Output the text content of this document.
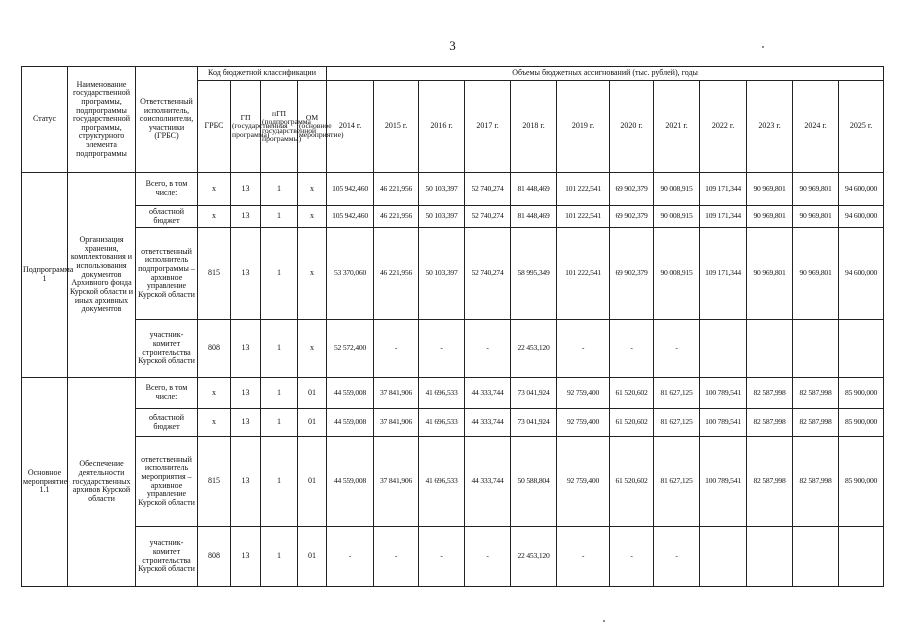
3
Статус	Наименование государственной программы, подпрограммы государственной программы, структурного элемента подпрограммы	Ответственный исполнитель, соисполнители, участники (ГРБС)	Код бюджетной классификации				Объемы бюджетных ассигнований (тыс. рублей), годы											
			ГРБС	ГП (государственная программа)	пГП (подпрограмма государственной программы)	ОМ (основное мероприятие)	2014 г.	2015 г.	2016 г.	2017 г.	2018 г.	2019 г.	2020 г.	2021 г.	2022 г.	2023 г.	2024 г.	2025 г.
Подпрограмма 1	Организация хранения, комплектования и использования документов Архивного фонда Курской области и иных архивных документов	Всего, в том числе:	х	13	1	х	105 942,460	46 221,956	50 103,397	52 740,274	81 448,469	101 222,541	69 902,379	90 008,915	109 171,344	90 969,801	90 969,801	94 600,000
		областной бюджет	х	13	1	х	105 942,460	46 221,956	50 103,397	52 740,274	81 448,469	101 222,541	69 902,379	90 008,915	109 171,344	90 969,801	90 969,801	94 600,000
		ответственный исполнитель подпрограммы – архивное управление Курской области	815	13	1	х	53 370,060	46 221,956	50 103,397	52 740,274	58 995,349	101 222,541	69 902,379	90 008,915	109 171,344	90 969,801	90 969,801	94 600,000
		участник- комитет строительства Курской области	808	13	1	х	52 572,400	-	-	-	22 453,120	-	-	-				
Основное мероприятие 1.1	Обеспечение деятельности государственных архивов Курской области	Всего, в том числе:	х	13	1	01	44 559,008	37 841,906	41 696,533	44 333,744	73 041,924	92 759,400	61 520,602	81 627,125	100 789,541	82 587,998	82 587,998	85 900,000
		областной бюджет	х	13	1	01	44 559,008	37 841,906	41 696,533	44 333,744	73 041,924	92 759,400	61 520,602	81 627,125	100 789,541	82 587,998	82 587,998	85 900,000
		ответственный исполнитель мероприятия – архивное управление Курской области	815	13	1	01	44 559,008	37 841,906	41 696,533	44 333,744	50 588,804	92 759,400	61 520,602	81 627,125	100 789,541	82 587,998	82 587,998	85 900,000
		участник- комитет строительства Курской области	808	13	1	01	-	-	-	-	22 453,120	-	-	-				
